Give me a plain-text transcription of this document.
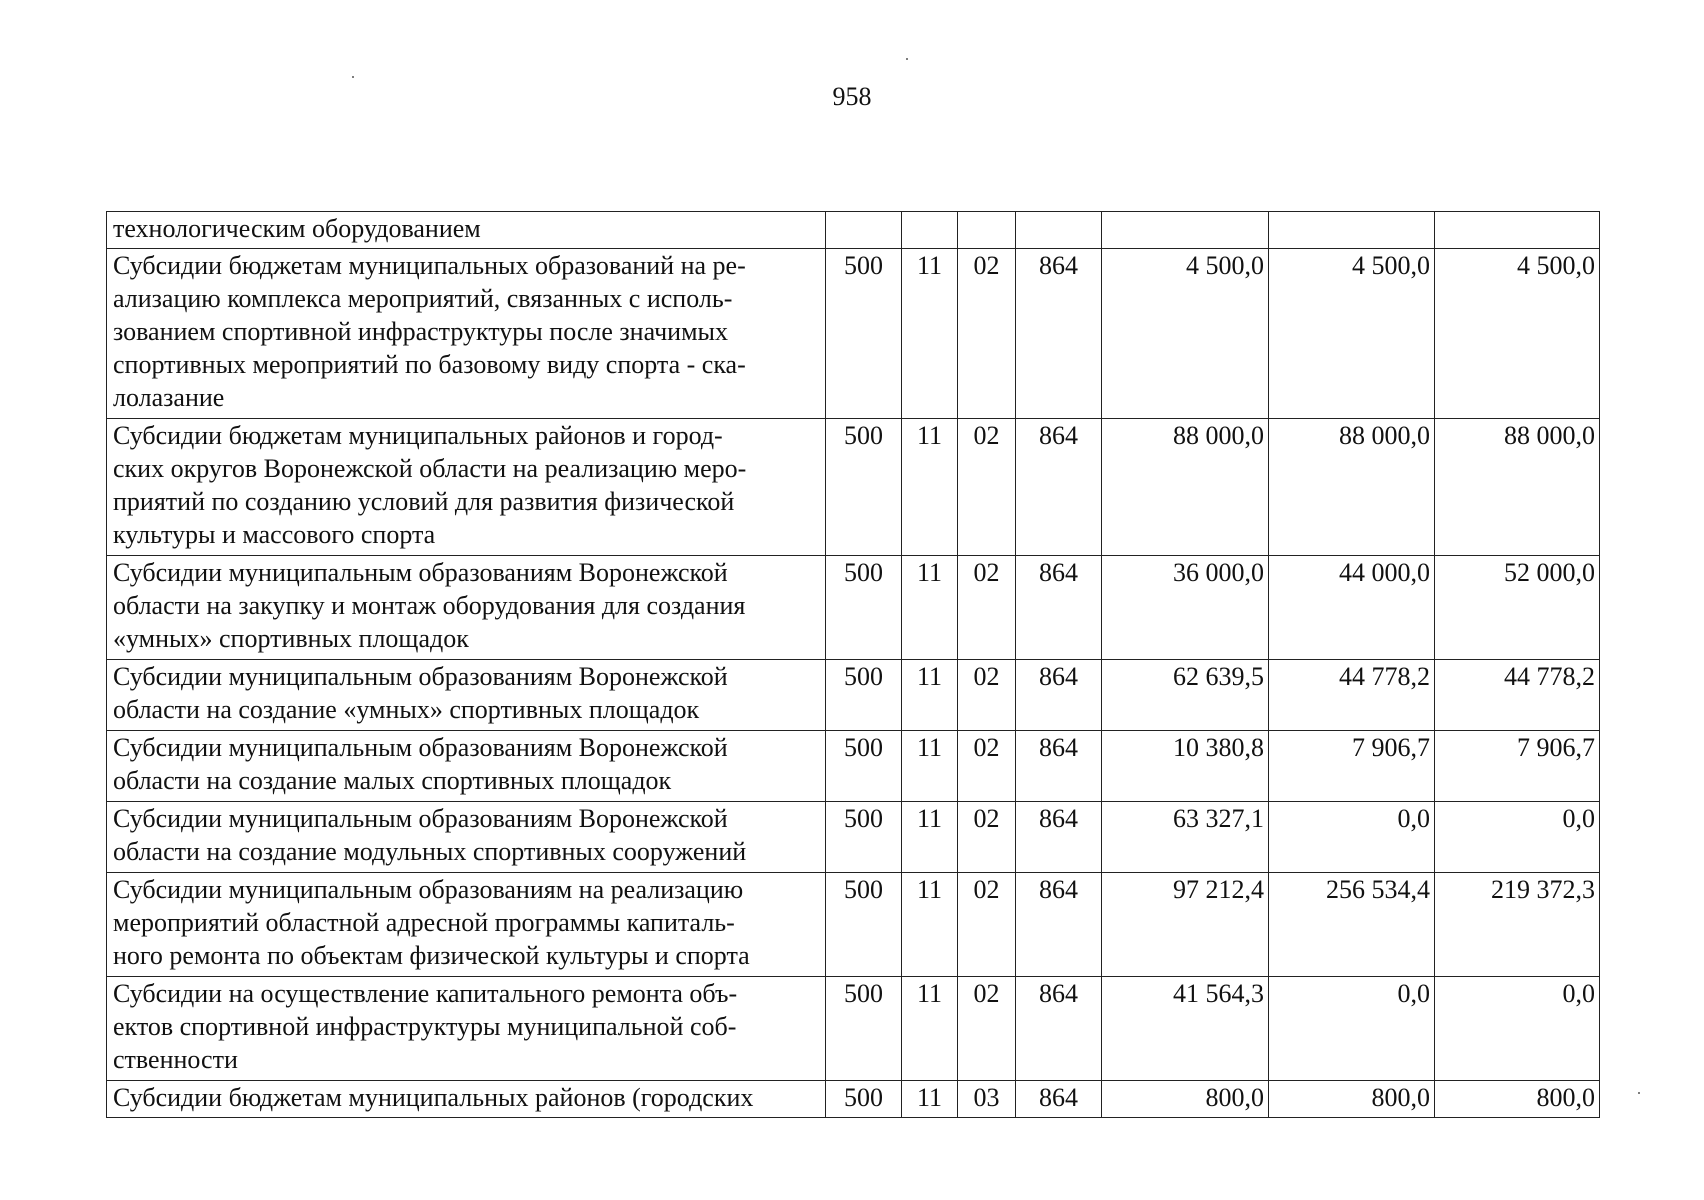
958
технологическим оборудованием							

Субсидии бюджетам муниципальных образований на ре-
ализацию комплекса мероприятий, связанных с исполь-
зованием спортивной инфраструктуры после значимых
спортивных мероприятий по базовому виду спорта - ска-
лолазание	500	11	02	864	4 500,0	4 500,0	4 500,0

Субсидии бюджетам муниципальных районов и город-
ских округов Воронежской области на реализацию меро-
приятий по созданию условий для развития физической
культуры и массового спорта	500	11	02	864	88 000,0	88 000,0	88 000,0

Субсидии муниципальным образованиям Воронежской
области на закупку и монтаж оборудования для создания
«умных» спортивных площадок	500	11	02	864	36 000,0	44 000,0	52 000,0

Субсидии муниципальным образованиям Воронежской
области на создание «умных» спортивных площадок	500	11	02	864	62 639,5	44 778,2	44 778,2

Субсидии муниципальным образованиям Воронежской
области на создание малых спортивных площадок	500	11	02	864	10 380,8	7 906,7	7 906,7

Субсидии муниципальным образованиям Воронежской
области на создание модульных спортивных сооружений	500	11	02	864	63 327,1	0,0	0,0

Субсидии муниципальным образованиям на реализацию
мероприятий областной адресной программы капиталь-
ного ремонта по объектам физической культуры и спорта	500	11	02	864	97 212,4	256 534,4	219 372,3

Субсидии на осуществление капитального ремонта объ-
ектов спортивной инфраструктуры муниципальной соб-
ственности	500	11	02	864	41 564,3	0,0	0,0

Субсидии бюджетам муниципальных районов (городских	500	11	03	864	800,0	800,0	800,0
